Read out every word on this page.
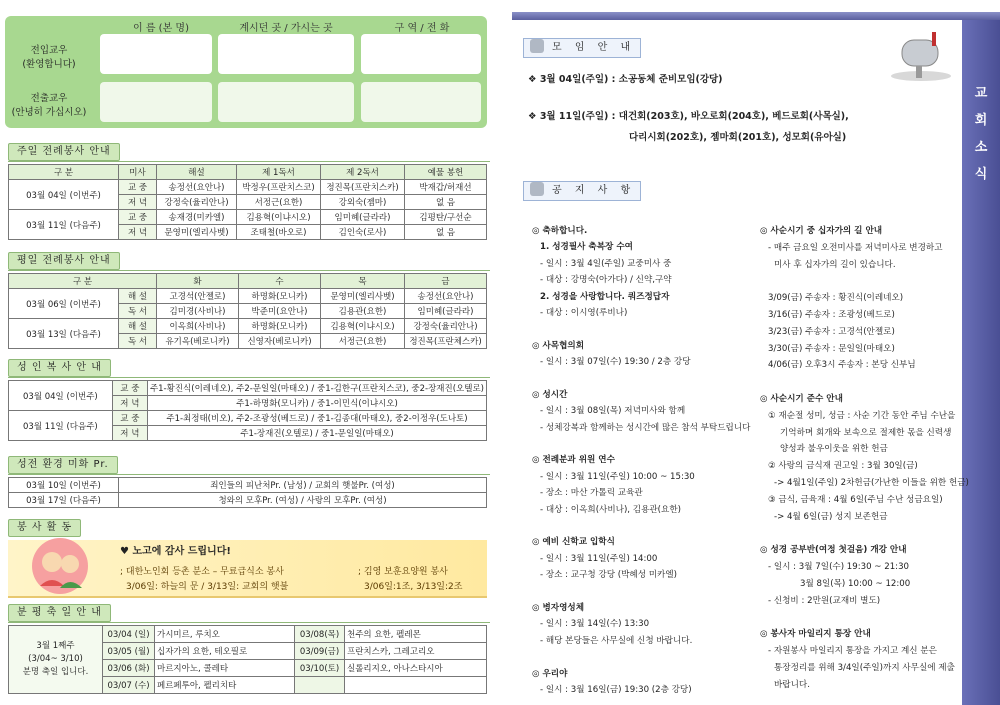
이 름 (본 명)	계시던 곳 / 가시는 곳	구 역 / 전 화
전입교우
(환영합니다)
전출교우
(안녕히 가십시오)
주일 전례봉사 안내
구 분	미사	해설	제 1독서	제 2독서	예물 봉헌
03월 04일 (이번주)	교 중	송정선(요안나)	박정우(프란치스코)	정진목(프란치스카)	박재갑/허재선
	저 녁	강정숙(율리안나)	서정근(요한)	강외숙(젬마)	없 음
03월 11일 (다음주)	교 중	송재경(미카엘)	김용혁(이냐시오)	임미혜(글라라)	김평탄/구선순
	저 녁	문영미(엘리사벳)	조태철(바오로)	김인숙(로사)	없 음
평일 전례봉사 안내
구 분		화	수	목	금
03월 06일 (이번주)	해 설	고경석(안젤로)	하명화(모니카)	문영미(엘리사벳)	송정선(요안나)
	독 서	김미경(사비나)	박준미(요안나)	김용관(요한)	임미혜(글라라)
03월 13일 (다음주)	해 설	이옥희(사비나)	하명화(모니카)	김용혁(이냐시오)	강정숙(율리안나)
	독 서	유기옥(베로니카)	신영자(베로니카)	서정근(요한)	정진목(프란체스카)
성 인 복 사 안 내
03월 04일 (이번주)	교 중	주1-황진식(이레네오), 주2-문일일(마태오) / 중1-김한구(프란치스코), 중2-장재진(오텔로)
	저 녁	주1-하명화(모니카) / 중1-이민식(이냐시오)
03월 11일 (다음주)	교 중	주1-최정태(비오), 주2-조광성(베드로) / 중1-김종대(마태오), 중2-이정우(도나토)
	저 녁	주1-장재진(오텔로) / 중1-문일일(마태오)
성전 환경 미화 Pr.
03월 10일 (이번주)	죄인들의 피난처Pr. (남성) / 교회의 햇불Pr. (여성)
03월 17일 (다음주)	청와의 모후Pr. (여성) / 사랑의 모후Pr. (여성)
봉 사 활 동
♥ 노고에 감사 드립니다!
; 대한노인회 등촌 분소 – 무료급식소 봉사
3/06일: 하늘의 문 / 3/13일: 교회의 햇불
; 김영 보훈요양원 봉사
3/06일:1조, 3/13일:2조
분 평 축 일 안 내
3월 1째주
(3/04~ 3/10)
분명 축일 입니다.	03/04 (일)	가시미르, 루치오	03/08(목)	천주의 요한, 펠레몬
	03/05 (월)	십자가의 요한, 테오필로	03/09(금)	프란치스카, 그레고리오
	03/06 (화)	마르지아노, 콜레타	03/10(토)	실롤리지오, 아나스타시아
	03/07 (수)	페르페투아, 펠리치타		
교
회
소
식
모 임 안 내
❖ 3월 04일(주일) : 소공동체 준비모임(강당)
❖ 3월 11일(주일) : 대건회(203호), 바오로회(204호), 베드로회(사목실),
다리시회(202호), 젬마회(201호), 성모회(유아실)
공 지 사 항
◎ 축하합니다.
1. 성경필사 축복장 수여
- 일시 : 3월 4일(주일) 교중미사 중
- 대상 : 강명숙(아가다) / 신약,구약
2. 성경을 사랑합니다. 쿼즈정답자
- 대상 : 이시영(루비나)
◎ 사목협의회
- 일시 : 3월 07일(수) 19:30 / 2층 강당
◎ 성시간
- 일시 : 3월 08일(목) 저녁미사와 함께
- 성체강복과 함께하는 성시간에 많은 참석 부탁드립니다
◎ 전례분과 위원 연수
- 일시 : 3월 11일(주일) 10:00 ~ 15:30
- 장소 : 마산 가톨릭 교육관
- 대상 : 이옥희(사비나), 김용관(요한)
◎ 예비 신학교 입학식
- 일시 : 3월 11일(주일) 14:00
- 장소 : 교구청 강당 (박혜성 미카엘)
◎ 병자영성체
- 일시 : 3월 14일(수) 13:30
- 해당 본당들은 사무실에 신청 바랍니다.
◎ 우리야
- 일시 : 3월 16일(금) 19:30 (2층 강당)
◎ 사순시기 중 십자가의 길 안내
- 매주 금요일 오전미사를 저녁미사로 변경하고
미사 후 십자가의 길이 있습니다.
3/09(금) 주송자 : 황진식(이레네오)
3/16(금) 주송자 : 조광성(베드로)
3/23(금) 주송자 : 고경석(안젤로)
3/30(금) 주송자 : 문일일(마태오)
4/06(금) 오후3시 주송자 : 본당 신부님
◎ 사순시기 준수 안내
① 재순절 성미, 성금 : 사순 기간 동안 주님 수난을
기억하며 회개와 보속으로 절제한 몫을 신력생
양성과 불우이웃을 위한 헌금
② 사랑의 금식재 권고일 : 3월 30일(금)
-> 4월1일(주일) 2차헌금(가난한 이들을 위한 헌금)
③ 금식, 금육재 : 4월 6일(주님 수난 성금요일)
-> 4월 6일(금) 성지 보존헌금
◎ 성경 공부반(여정 첫걸음) 개강 안내
- 일시 : 3월 7일(수) 19:30 ~ 21:30
3월 8일(목) 10:00 ~ 12:00
- 신청비 : 2만원(교재비 별도)
◎ 봉사자 마일리지 통장 안내
- 자원봉사 마일리지 통장을 가지고 계신 분은
통장정리를 위해 3/4일(주일)까지 사무실에 제출
바랍니다.
